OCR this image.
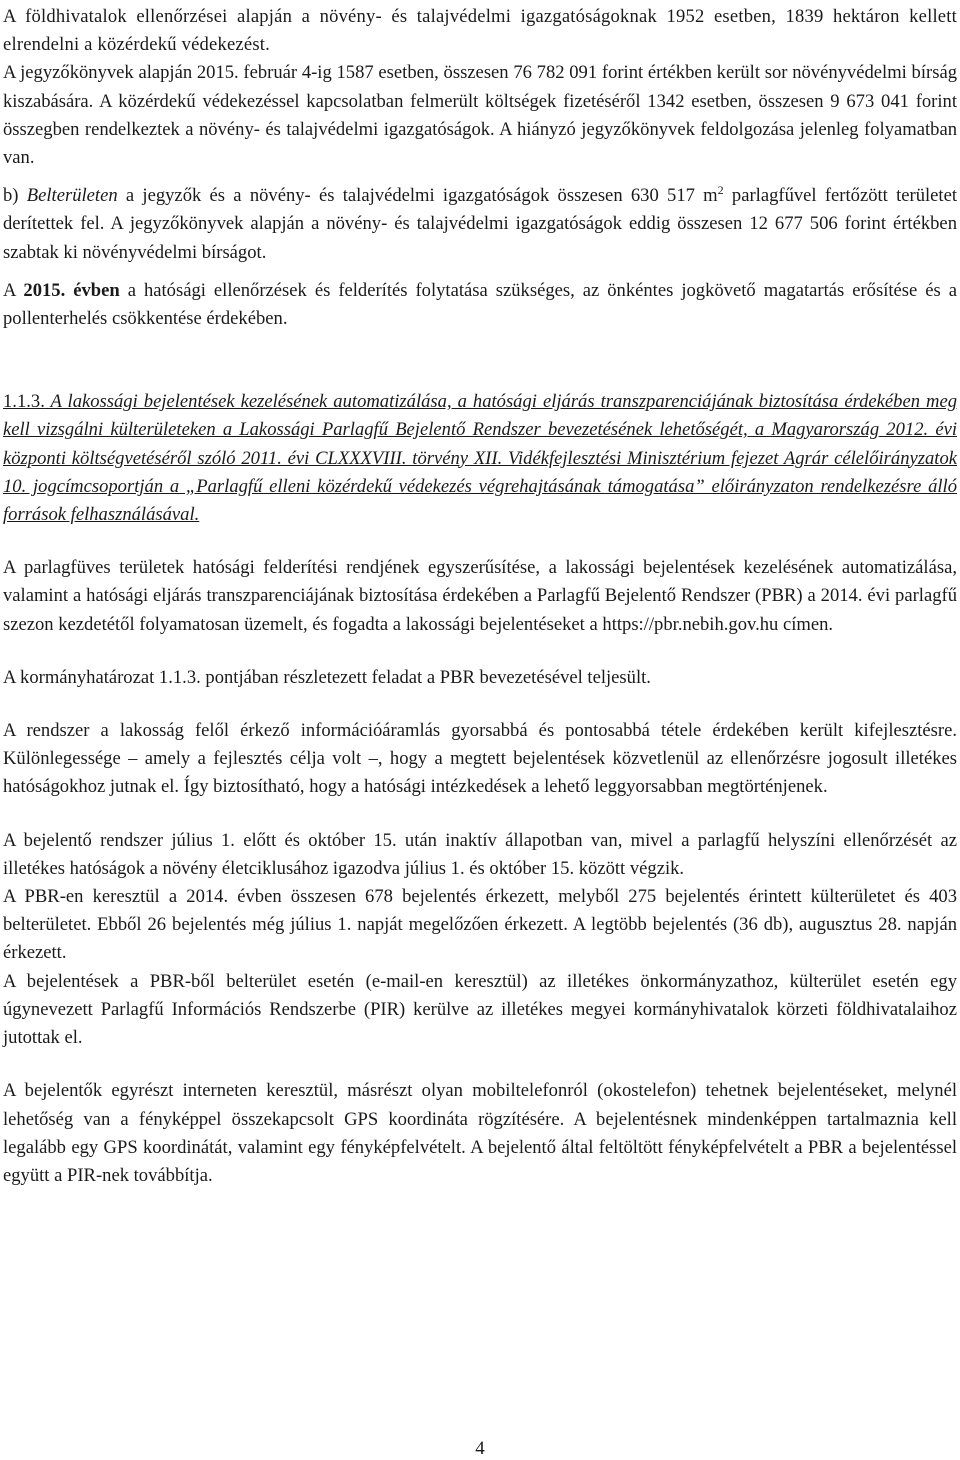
A földhivatalok ellenőrzései alapján a növény- és talajvédelmi igazgatóságoknak 1952 esetben, 1839 hektáron kellett elrendelni a közérdekű védekezést.

A jegyzőkönyvek alapján 2015. február 4-ig 1587 esetben, összesen 76 782 091 forint értékben került sor növényvédelmi bírság kiszabására. A közérdekű védekezéssel kapcsolatban felmerült költségek fizetéséről 1342 esetben, összesen 9 673 041 forint összegben rendelkeztek a növény- és talajvédelmi igazgatóságok. A hiányzó jegyzőkönyvek feldolgozása jelenleg folyamatban van.

b) Belterületen a jegyzők és a növény- és talajvédelmi igazgatóságok összesen 630 517 $m^2$ parlagfűvel fertőzött területet derítettek fel. A jegyzőkönyvek alapján a növény- és talajvédelmi igazgatóságok eddig összesen 12 677 506 forint értékben szabtak ki növényvédelmi bírságot.

A 2015. évben a hatósági ellenőrzések és felderítés folytatása szükséges, az önkéntes jogkövető magatartás erősítése és a pollenterhelés csökkentése érdekében.

1.1.3. A lakossági bejelentések kezelésének automatizálása, a hatósági eljárás transzparenciájának biztosítása érdekében meg kell vizsgálni külterületeken a Lakossági Parlagfű Bejelentő Rendszer bevezetésének lehetőségét, a Magyarország 2012. évi központi költségvetéséről szóló 2011. évi CLXXXVIII. törvény XII. Vidékfejlesztési Minisztérium fejezet Agrár célelőirányzatok 10. jogcímcsoportján a „Parlagfű elleni közérdekű védekezés végrehajtásának támogatása” előirányzaton rendelkezésre álló források felhasználásával.

A parlagfüves területek hatósági felderítési rendjének egyszerűsítése, a lakossági bejelentések kezelésének automatizálása, valamint a hatósági eljárás transzparenciájának biztosítása érdekében a Parlagfű Bejelentő Rendszer (PBR) a 2014. évi parlagfű szezon kezdetétől folyamatosan üzemelt, és fogadta a lakossági bejelentéseket a https://pbr.nebih.gov.hu címen.

A kormányhatározat 1.1.3. pontjában részletezett feladat a PBR bevezetésével teljesült.

A rendszer a lakosság felől érkező információáramlás gyorsabbá és pontosabbá tétele érdekében került kifejlesztésre. Különlegessége – amely a fejlesztés célja volt –, hogy a megtett bejelentések közvetlenül az ellenőrzésre jogosult illetékes hatóságokhoz jutnak el. Így biztosítható, hogy a hatósági intézkedések a lehető leggyorsabban megtörténjenek.

A bejelentő rendszer július 1. előtt és október 15. után inaktív állapotban van, mivel a parlagfű helyszíni ellenőrzését az illetékes hatóságok a növény életciklusához igazodva július 1. és október 15. között végzik.

A PBR-en keresztül a 2014. évben összesen 678 bejelentés érkezett, melyből 275 bejelentés érintett külterületet és 403 belterületet. Ebből 26 bejelentés még július 1. napját megelőzően érkezett. A legtöbb bejelentés (36 db), augusztus 28. napján érkezett.

A bejelentések a PBR-ből belterület esetén (e-mail-en keresztül) az illetékes önkormányzathoz, külterület esetén egy úgynevezett Parlagfű Információs Rendszerbe (PIR) kerülve az illetékes megyei kormányhivatalok körzeti földhivatalaihoz jutottak el.

A bejelentők egyrészt interneten keresztül, másrészt olyan mobiltelefonról (okostelefon) tehetnek bejelentéseket, melynél lehetőség van a fényképpel összekapcsolt GPS koordináta rögzítésére. A bejelentésnek mindenképpen tartalmaznia kell legalább egy GPS koordinátát, valamint egy fényképfelvételt. A bejelentő által feltöltött fényképfelvételt a PBR a bejelentéssel együtt a PIR-nek továbbítja.

4
